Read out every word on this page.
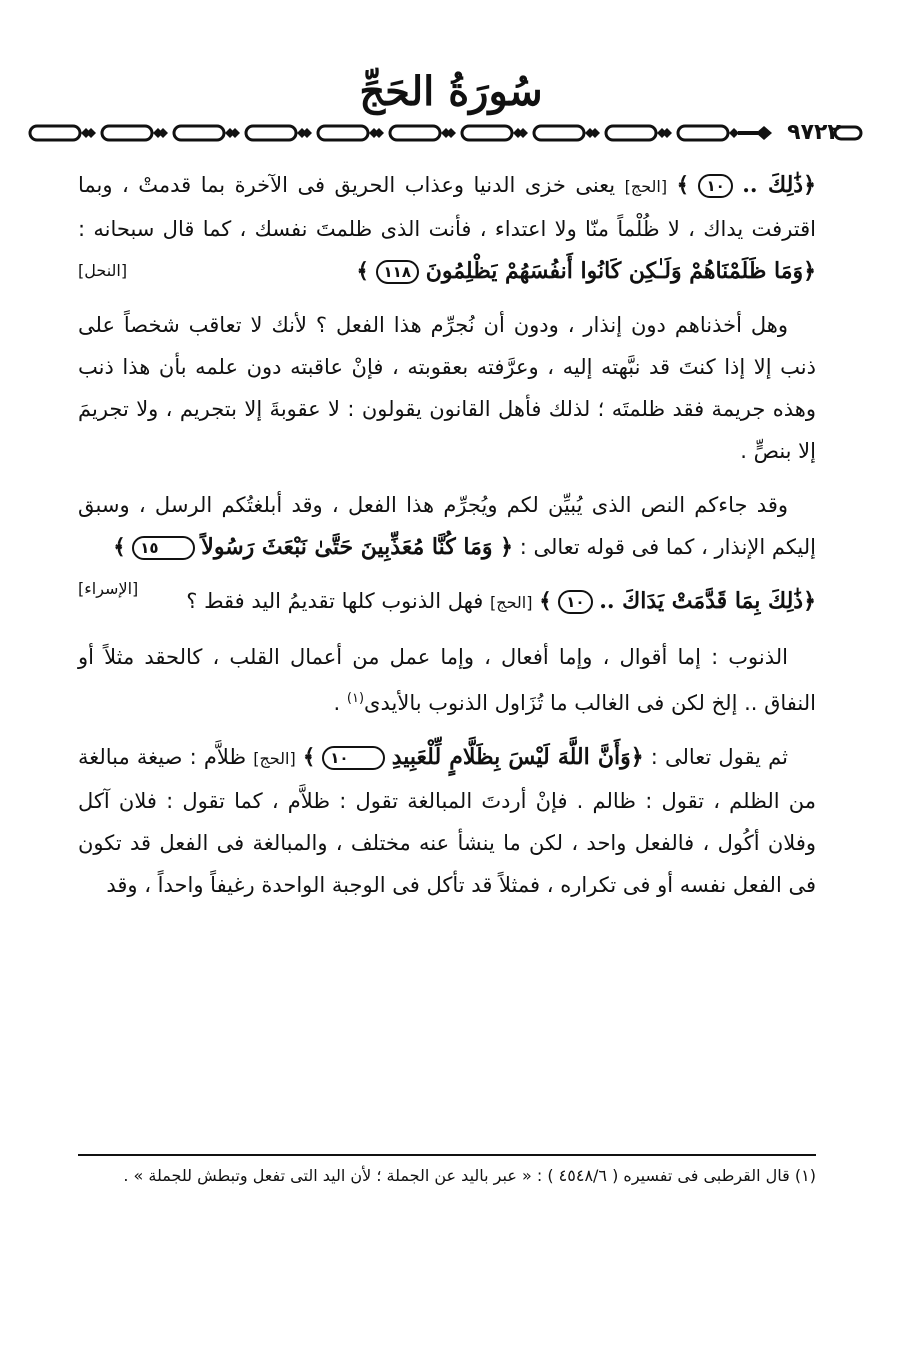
سُورَةُ الحَجِّ
٩٧٢٢

﴿ذَٰلِكَ .. ١٠ ﴾ [الحج] يعنى خزى الدنيا وعذاب الحريق فى الآخرة بما قدمتْ ، وبما اقترفت يداك ، لا ظُلْماً منّا ولا اعتداء ، فأنت الذى ظلمتَ نفسك ، كما قال سبحانه : ﴿وَمَا ظَلَمْنَاهُمْ وَلَـٰكِن كَانُوا أَنفُسَهُمْ يَظْلِمُونَ ١١٨ ﴾
[النحل]

وهل أخذناهم دون إنذار ، ودون أن نُجرِّم هذا الفعل ؟ لأنك لا تعاقب شخصاً على ذنب إلا إذا كنتَ قد نبَّهته إليه ، وعرَّفته بعقوبته ، فإنْ عاقبته دون علمه بأن هذا ذنب وهذه جريمة فقد ظلمتَه ؛ لذلك فأهل القانون يقولون : لا عقوبةَ إلا بتجريم ، ولا تجريمَ إلا بنصٍّ .

وقد جاءكم النص الذى يُبيِّن لكم ويُجرِّم هذا الفعل ، وقد أبلغتُكم الرسل ، وسبق إليكم الإنذار ، كما فى قوله تعالى : ﴿ وَمَا كُنَّا مُعَذِّبِينَ حَتَّىٰ نَبْعَثَ رَسُولاً ١٥ ﴾
[الإسراء]	﴿ذَٰلِكَ بِمَا قَدَّمَتْ يَدَاكَ .. ١٠ ﴾ [الحج] فهل الذنوب كلها تقديمُ اليد فقط ؟

الذنوب : إما أقوال ، وإما أفعال ، وإما عمل من أعمال القلب ، كالحقد مثلاً أو النفاق .. إلخ لكن فى الغالب ما تُزَاول الذنوب بالأيدى$^{(١)}$ .

ثم يقول تعالى : ﴿وَأَنَّ اللَّهَ لَيْسَ بِظَلَّامٍ لِّلْعَبِيدِ ١٠ ﴾ [الحج] ظلاَّم : صيغة مبالغة من الظلم ، تقول : ظالم . فإنْ أردتَ المبالغة تقول : ظلاَّم ، كما تقول : فلان آكل وفلان أكُول ، فالفعل واحد ، لكن ما ينشأ عنه مختلف ، والمبالغة فى الفعل قد تكون فى الفعل نفسه أو فى تكراره ، فمثلاً قد تأكل فى الوجبة الواحدة رغيفاً واحداً ، وقد

(١) قال القرطبى فى تفسيره ( ٤٥٤٨/٦ ) : « عبر باليد عن الجملة ؛ لأن اليد التى تفعل وتبطش للجملة » .
